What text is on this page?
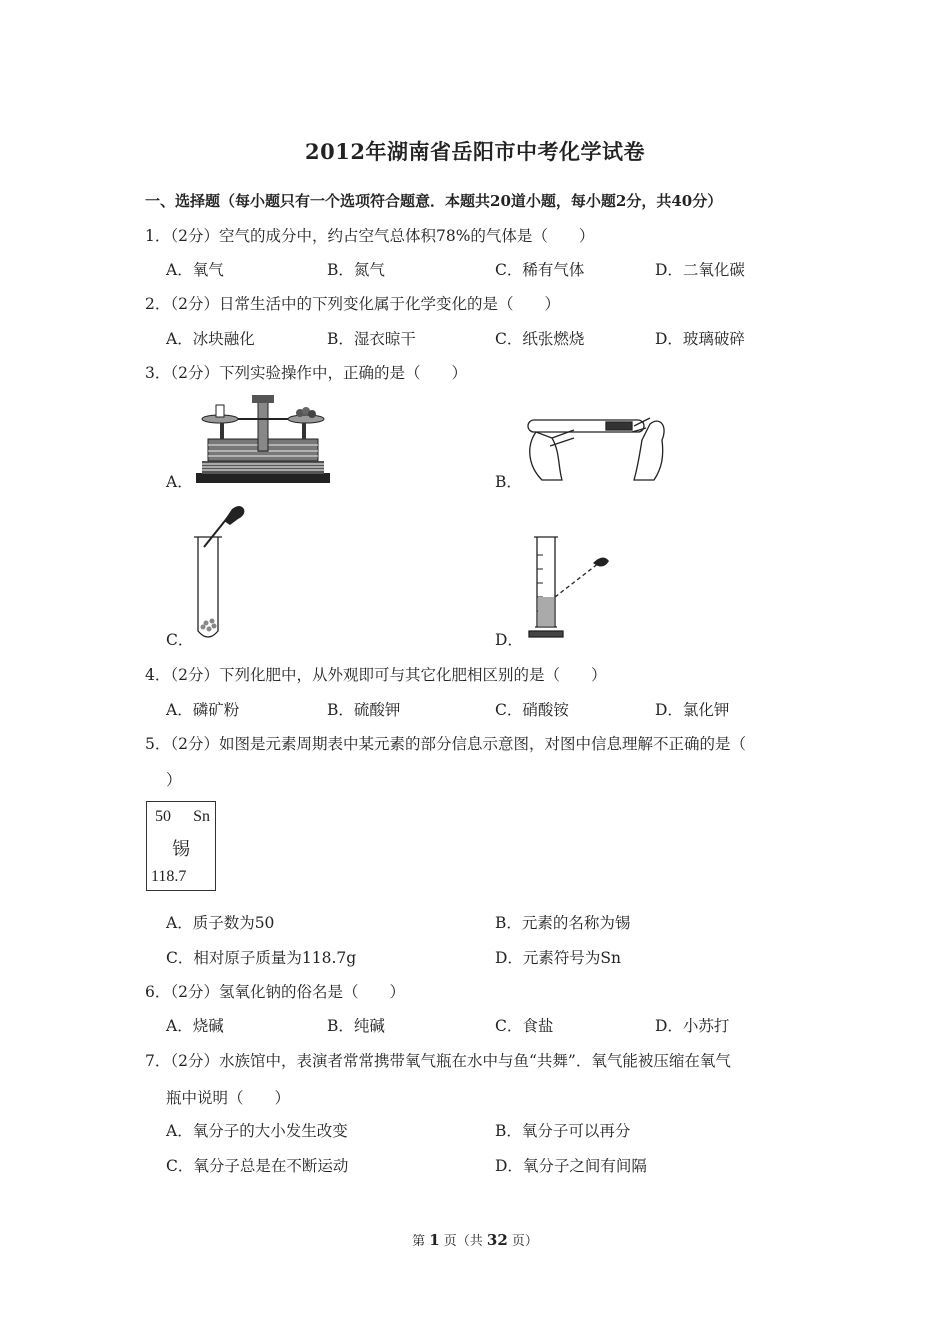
2012年湖南省岳阳市中考化学试卷
一、选择题（每小题只有一个选项符合题意．本题共20道小题，每小题2分，共40分）
1．（2分）空气的成分中，约占空气总体积78%的气体是（　　）
A．氧气	B．氮气	C．稀有气体	D．二氧化碳
2．（2分）日常生活中的下列变化属于化学变化的是（　　）
A．冰块融化	B．湿衣晾干	C．纸张燃烧	D．玻璃破碎
3．（2分）下列实验操作中，正确的是（　　）
A．	B．
C．	D．
4．（2分）下列化肥中，从外观即可与其它化肥相区别的是（　　）
A．磷矿粉	B．硫酸钾	C．硝酸铵	D．氯化钾
5．（2分）如图是元素周期表中某元素的部分信息示意图，对图中信息理解不正确的是（
）
50 Sn
锡
118.7
A．质子数为50	B．元素的名称为锡
C．相对原子质量为118.7g	D．元素符号为Sn
6．（2分）氢氧化钠的俗名是（　　）
A．烧碱	B．纯碱	C．食盐	D．小苏打
7．（2分）水族馆中，表演者常常携带氧气瓶在水中与鱼“共舞”．氧气能被压缩在氧气
瓶中说明（　　）
A．氧分子的大小发生改变	B．氧分子可以再分
C．氧分子总是在不断运动	D．氧分子之间有间隔
第 1 页（共 32 页）
